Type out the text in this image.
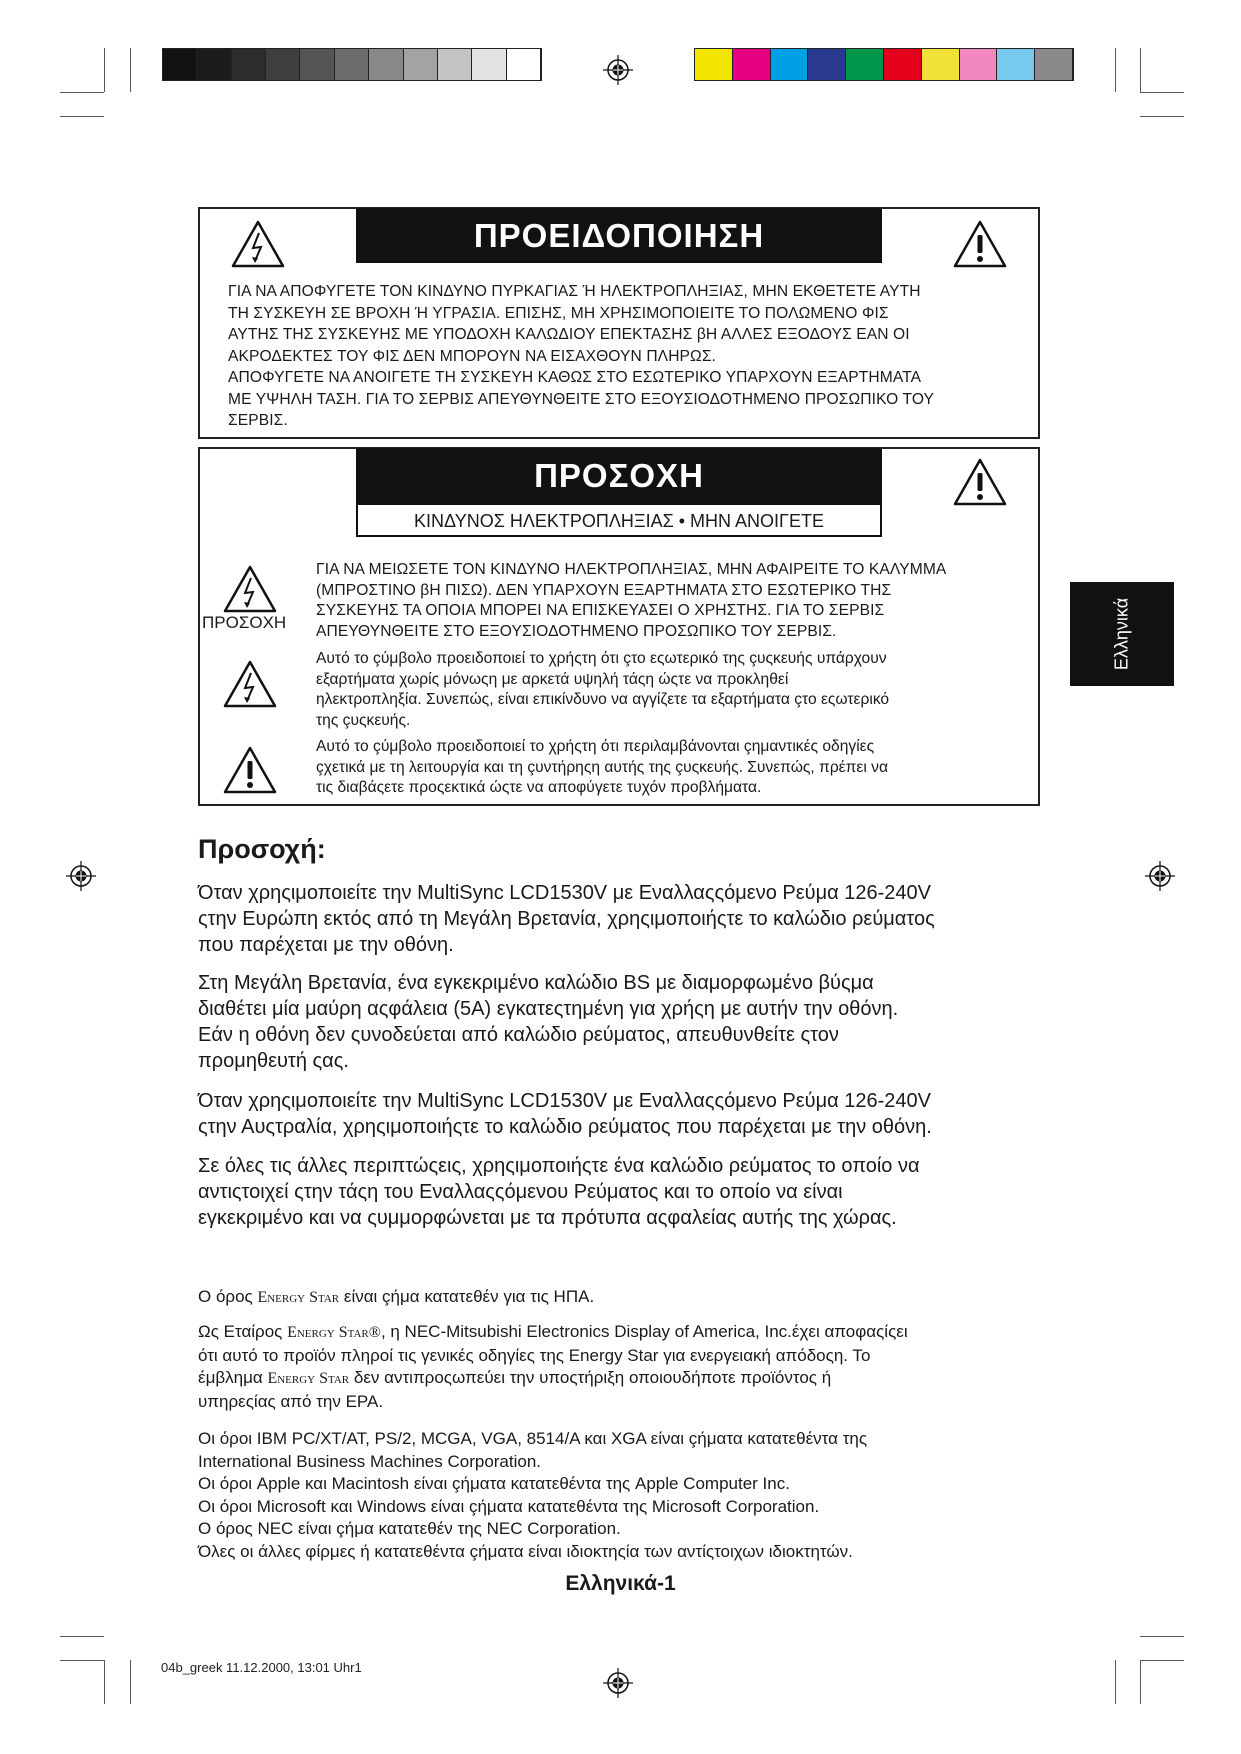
ΠΡΟΕΙΔΟΠΟΙΗΣΗ
ΓΙΑ ΝΑ ΑΠΟΦΥΓΕΤΕ ΤΟΝ ΚΙΝΔΥΝΟ ΠΥΡΚΑΓΙΑΣ Ή ΗΛΕΚΤΡΟΠΛΗΞΙΑΣ, ΜΗΝ ΕΚΘΕΤΕΤΕ ΑΥΤΗ
ΤΗ ΣΥΣΚΕΥΗ ΣΕ ΒΡΟΧΗ Ή ΥΓΡΑΣΙΑ. ΕΠΙΣΗΣ, ΜΗ ΧΡΗΣΙΜΟΠΟΙΕΙΤΕ ΤΟ ΠΟΛΩΜΕΝΟ ΦΙΣ
ΑΥΤΗΣ ΤΗΣ ΣΥΣΚΕΥΗΣ ΜΕ ΥΠΟΔΟΧΗ ΚΑΛΩΔΙΟΥ ΕΠΕΚΤΑΣΗΣ βΗ ΑΛΛΕΣ ΕΞΟΔΟΥΣ ΕΑΝ ΟΙ
ΑΚΡΟΔΕΚΤΕΣ ΤΟΥ ΦΙΣ ΔΕΝ ΜΠΟΡΟΥΝ ΝΑ ΕΙΣΑΧΘΟΥΝ ΠΛΗΡΩΣ.
ΑΠΟΦΥΓΕΤΕ ΝΑ ΑΝΟΙΓΕΤΕ ΤΗ ΣΥΣΚΕΥΗ ΚΑΘΩΣ ΣΤΟ ΕΣΩΤΕΡΙΚΟ ΥΠΑΡΧΟΥΝ ΕΞΑΡΤΗΜΑΤΑ
ΜΕ ΥΨΗΛΗ ΤΑΣΗ. ΓΙΑ ΤΟ ΣΕΡΒΙΣ ΑΠΕΥΘΥΝΘΕΙΤΕ ΣΤΟ ΕΞΟΥΣΙΟΔΟΤΗΜΕΝΟ ΠΡΟΣΩΠΙΚΟ ΤΟΥ
ΣΕΡΒΙΣ.
ΠΡΟΣΟΧΗ
ΚΙΝΔΥΝΟΣ ΗΛΕΚΤΡΟΠΛΗΞΙΑΣ • ΜΗΝ ΑΝΟΙΓΕΤΕ
ΠΡΟΣΟΧΗ
ΓΙΑ ΝΑ ΜΕΙΩΣΕΤΕ ΤΟΝ ΚΙΝΔΥΝΟ ΗΛΕΚΤΡΟΠΛΗΞΙΑΣ, ΜΗΝ ΑΦΑΙΡΕΙΤΕ ΤΟ ΚΑΛΥΜΜΑ
(ΜΠΡΟΣΤΙΝΟ βΗ ΠΙΣΩ). ΔΕΝ ΥΠΑΡΧΟΥΝ ΕΞΑΡΤΗΜΑΤΑ ΣΤΟ ΕΣΩΤΕΡΙΚΟ ΤΗΣ
ΣΥΣΚΕΥΗΣ ΤΑ ΟΠΟΙΑ ΜΠΟΡΕΙ ΝΑ ΕΠΙΣΚΕΥΑΣΕΙ Ο ΧΡΗΣΤΗΣ. ΓΙΑ ΤΟ ΣΕΡΒΙΣ
ΑΠΕΥΘΥΝΘΕΙΤΕ ΣΤΟ ΕΞΟΥΣΙΟΔΟΤΗΜΕΝΟ ΠΡΟΣΩΠΙΚΟ ΤΟΥ ΣΕΡΒΙΣ.
Αυτό το çύμβολο προειδοποιεί το χρήςτη ότι çτο εςωτερικό της çυςκευής υπάρχουν
εξαρτήματα χωρίς μόνωςη με αρκετά υψηλή τάςη ώςτε να προκληθεί
ηλεκτροπληξία. Συνεπώς, είναι επικίνδυνο να αγγίζετε τα εξαρτήματα çτο εςωτερικό
της çυςκευής.
Αυτό το çύμβολο προειδοποιεί το χρήςτη ότι περιλαμβάνονται çημαντικές οδηγίες
çχετικά με τη λειτουργία και τη çυντήρηςη αυτής της çυςκευής. Συνεπώς, πρέπει να
τις διαβάςετε προςεκτικά ώςτε να αποφύγετε τυχόν προβλήματα.
Ελληνικά
Προσοχή:
Όταν χρηςιμοποιείτε την MultiSync LCD1530V με Εναλλαςςόμενο Ρεύμα 126-240V
ςτην Ευρώπη εκτός από τη Μεγάλη Βρετανία, χρηςιμοποιήςτε το καλώδιο ρεύματος
που παρέχεται με την οθόνη.
Στη Μεγάλη Βρετανία, ένα εγκεκριμένο καλώδιο BS με διαμορφωμένο βύςμα
διαθέτει μία μαύρη αςφάλεια (5A) εγκατεςτημένη για χρήςη με αυτήν την οθόνη.
Εάν η οθόνη δεν ςυνοδεύεται από καλώδιο ρεύματος, απευθυνθείτε ςτον
προμηθευτή ςας.
Όταν χρηςιμοποιείτε την MultiSync LCD1530V με Εναλλαςςόμενο Ρεύμα 126-240V
ςτην Αυςτραλία, χρηςιμοποιήςτε το καλώδιο ρεύματος που παρέχεται με την οθόνη.
Σε όλες τις άλλες περιπτώςεις, χρηςιμοποιήςτε ένα καλώδιο ρεύματος το οποίο να
αντιςτοιχεί ςτην τάςη του Εναλλαςςόμενου Ρεύματος και το οποίο να είναι
εγκεκριμένο και να ςυμμορφώνεται με τα πρότυπα αςφαλείας αυτής της χώρας.
Ο όρος Energy Star είναι çήμα κατατεθέν για τις ΗΠΑ.
Ως Εταίρος Energy Star®, η NEC-Mitsubishi Electronics Display of America, Inc.έχει αποφαςίςει
ότι αυτό το προϊόν πληροί τις γενικές οδηγίες της Energy Star για ενεργειακή απόδοςη. Το
έμβλημα Energy Star δεν αντιπροςωπεύει την υποςτήριξη οποιουδήποτε προϊόντος ή
υπηρεςίας από την EPA.
Οι όροι IBM PC/XT/AT, PS/2, MCGA, VGA, 8514/A και XGA είναι çήματα κατατεθέντα της
International Business Machines Corporation.
Οι όροι Apple και Macintosh είναι çήματα κατατεθέντα της Apple Computer Inc.
Οι όροι Microsoft και Windows είναι çήματα κατατεθέντα της Microsoft Corporation.
Ο όρος NEC είναι çήμα κατατεθέν της NEC Corporation.
Όλες οι άλλες φίρμες ή κατατεθέντα çήματα είναι ιδιοκτηςία των αντίςτοιχων ιδιοκτητών.
Ελληνικά-1
04b_greek 11.12.2000, 13:01 Uhr1
